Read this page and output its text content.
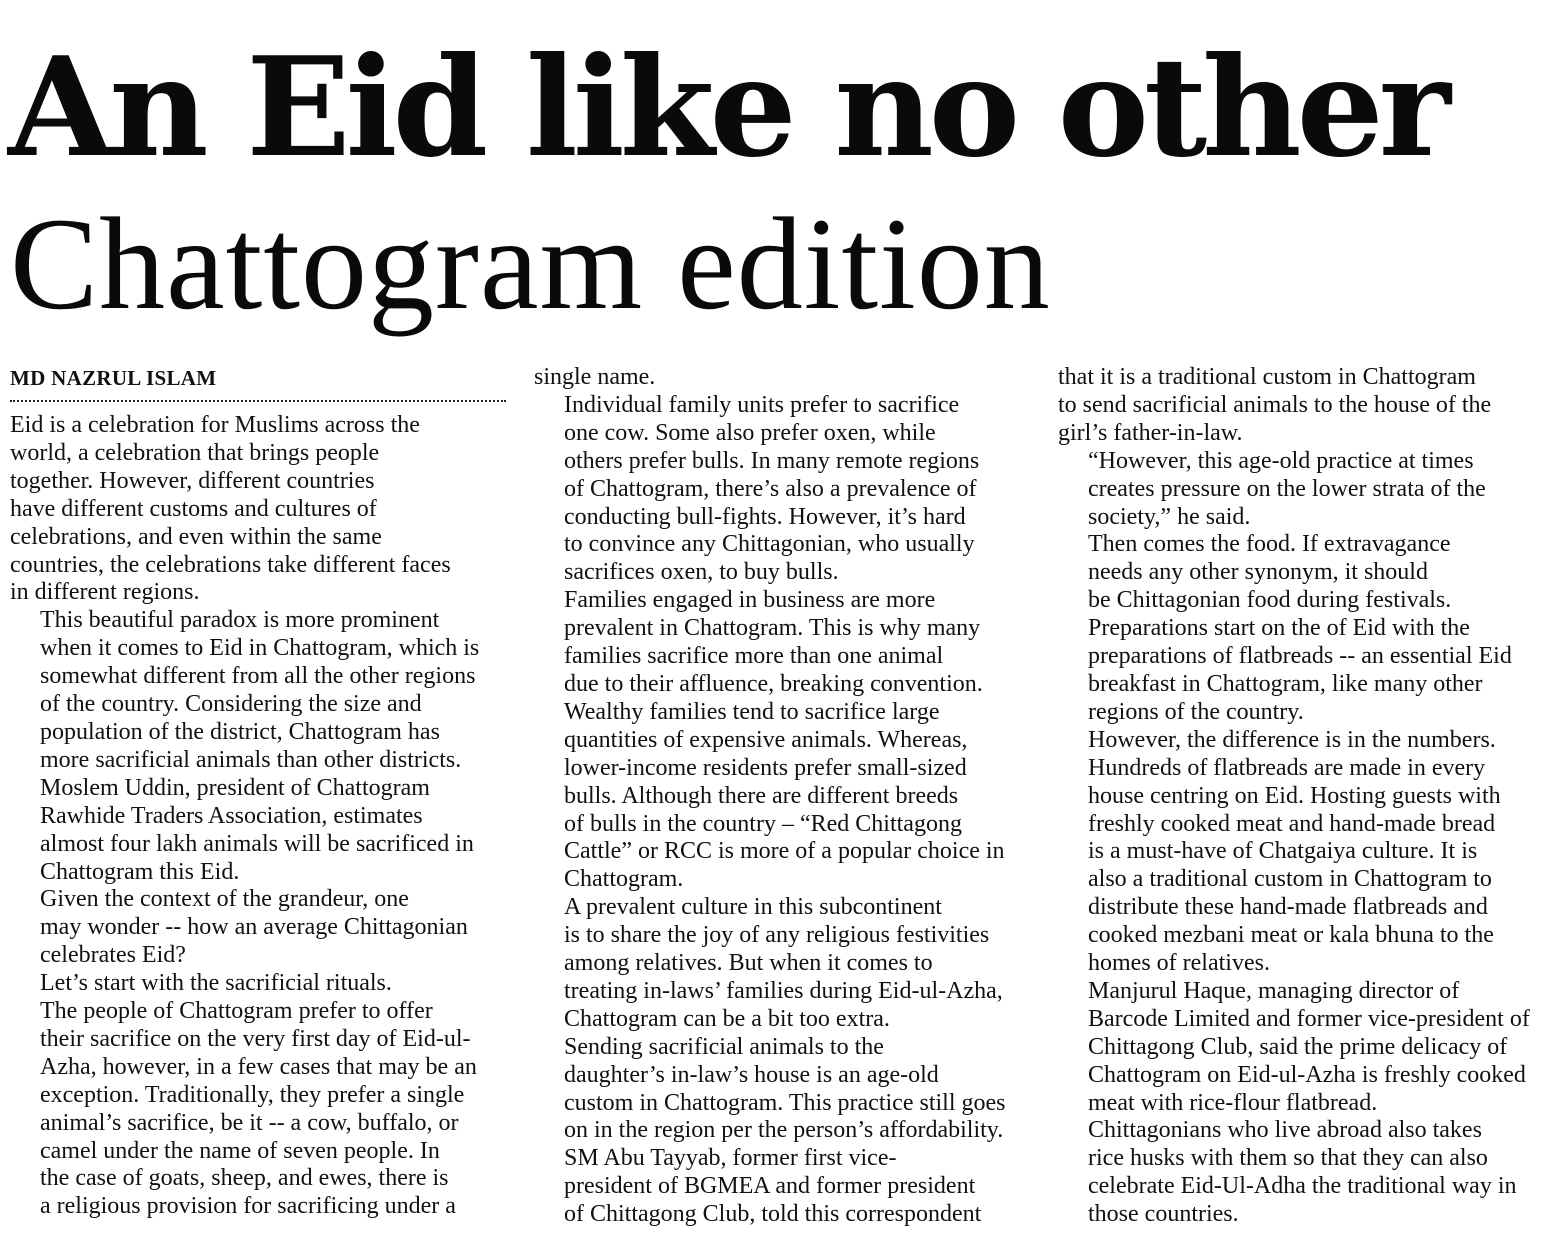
An Eid like no other
Chattogram edition
MD NAZRUL ISLAM

Eid is a celebration for Muslims across the
world, a celebration that brings people
together. However, different countries
have different customs and cultures of
celebrations, and even within the same
countries, the celebrations take different faces
in different regions.

This beautiful paradox is more prominent
when it comes to Eid in Chattogram, which is
somewhat different from all the other regions
of the country. Considering the size and
population of the district, Chattogram has
more sacrificial animals than other districts.

Moslem Uddin, president of Chattogram
Rawhide Traders Association, estimates
almost four lakh animals will be sacrificed in
Chattogram this Eid.

Given the context of the grandeur, one
may wonder -- how an average Chittagonian
celebrates Eid?

Let’s start with the sacrificial rituals.

The people of Chattogram prefer to offer
their sacrifice on the very first day of Eid-ul-
Azha, however, in a few cases that may be an
exception. Traditionally, they prefer a single
animal’s sacrifice, be it -- a cow, buffalo, or
camel under the name of seven people. In
the case of goats, sheep, and ewes, there is
a religious provision for sacrificing under a

single name.

Individual family units prefer to sacrifice
one cow. Some also prefer oxen, while
others prefer bulls. In many remote regions
of Chattogram, there’s also a prevalence of
conducting bull-fights. However, it’s hard
to convince any Chittagonian, who usually
sacrifices oxen, to buy bulls.

Families engaged in business are more
prevalent in Chattogram. This is why many
families sacrifice more than one animal
due to their affluence, breaking convention.
Wealthy families tend to sacrifice large
quantities of expensive animals. Whereas,
lower-income residents prefer small-sized
bulls. Although there are different breeds
of bulls in the country – “Red Chittagong
Cattle” or RCC is more of a popular choice in
Chattogram.

A prevalent culture in this subcontinent
is to share the joy of any religious festivities
among relatives. But when it comes to
treating in-laws’ families during Eid-ul-Azha,
Chattogram can be a bit too extra.

Sending sacrificial animals to the
daughter’s in-law’s house is an age-old
custom in Chattogram. This practice still goes
on in the region per the person’s affordability.

SM Abu Tayyab, former first vice-
president of BGMEA and former president
of Chittagong Club, told this correspondent

that it is a traditional custom in Chattogram
to send sacrificial animals to the house of the
girl’s father-in-law.

“However, this age-old practice at times
creates pressure on the lower strata of the
society,” he said.

Then comes the food. If extravagance
needs any other synonym, it should
be Chittagonian food during festivals.
Preparations start on the of Eid with the
preparations of flatbreads -- an essential Eid
breakfast in Chattogram, like many other
regions of the country.

However, the difference is in the numbers.
Hundreds of flatbreads are made in every
house centring on Eid. Hosting guests with
freshly cooked meat and hand-made bread
is a must-have of Chatgaiya culture. It is
also a traditional custom in Chattogram to
distribute these hand-made flatbreads and
cooked mezbani meat or kala bhuna to the
homes of relatives.

Manjurul Haque, managing director of
Barcode Limited and former vice-president of
Chittagong Club, said the prime delicacy of
Chattogram on Eid-ul-Azha is freshly cooked
meat with rice-flour flatbread.

Chittagonians who live abroad also takes
rice husks with them so that they can also
celebrate Eid-Ul-Adha the traditional way in
those countries.
